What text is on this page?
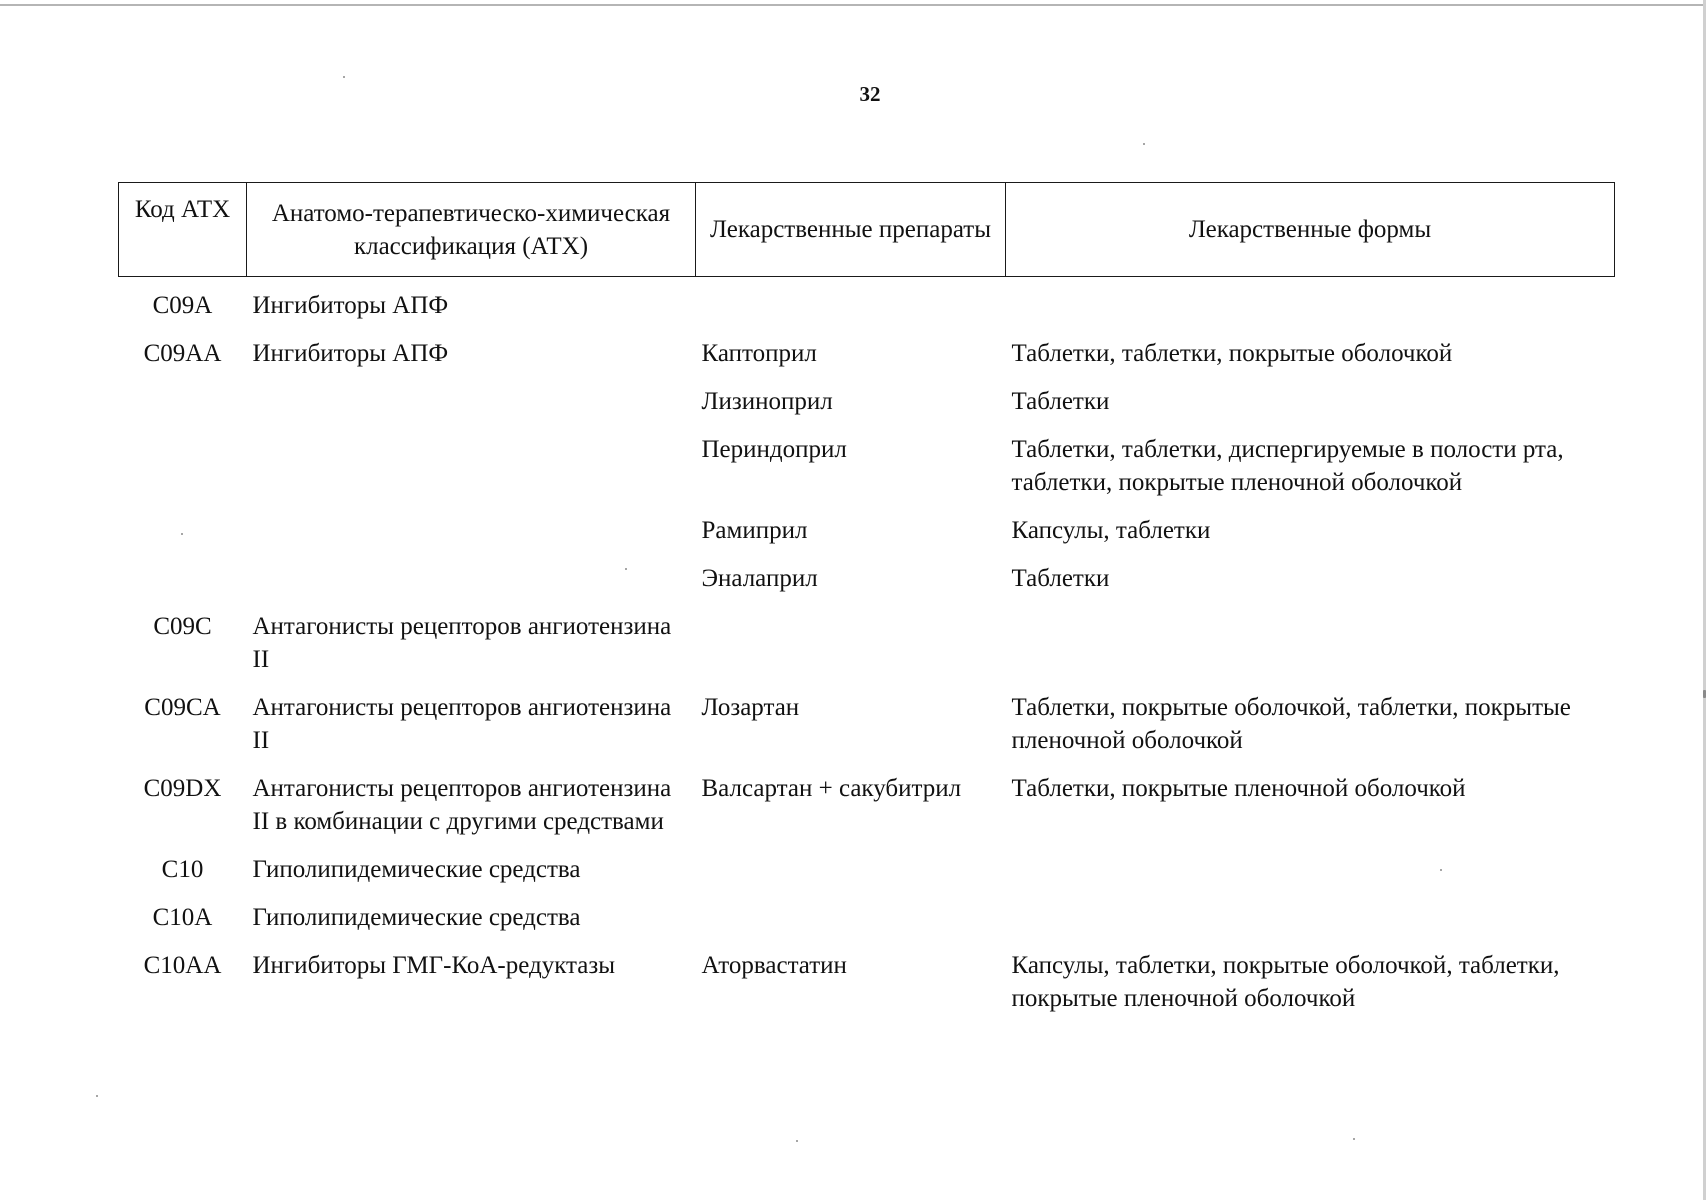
32
Код АТХ	Анатомо-терапевтическо-химическая классификация (АТХ)	Лекарственные препараты	Лекарственные формы
C09A	Ингибиторы АПФ		
C09AA	Ингибиторы АПФ	Каптоприл	Таблетки, таблетки, покрытые оболочкой
		Лизиноприл	Таблетки
		Периндоприл	Таблетки, таблетки, диспергируемые в полости рта, таблетки, покрытые пленочной оболочкой
		Рамиприл	Капсулы, таблетки
		Эналаприл	Таблетки
C09C	Антагонисты рецепторов ангиотензина II		
C09CA	Антагонисты рецепторов ангиотензина II	Лозартан	Таблетки, покрытые оболочкой, таблетки, покрытые пленочной оболочкой
C09DX	Антагонисты рецепторов ангиотензина II в комбинации с другими средствами	Валсартан + сакубитрил	Таблетки, покрытые пленочной оболочкой
C10	Гиполипидемические средства		
C10A	Гиполипидемические средства		
C10AA	Ингибиторы ГМГ-КоА-редуктазы	Аторвастатин	Капсулы, таблетки, покрытые оболочкой, таблетки, покрытые пленочной оболочкой
